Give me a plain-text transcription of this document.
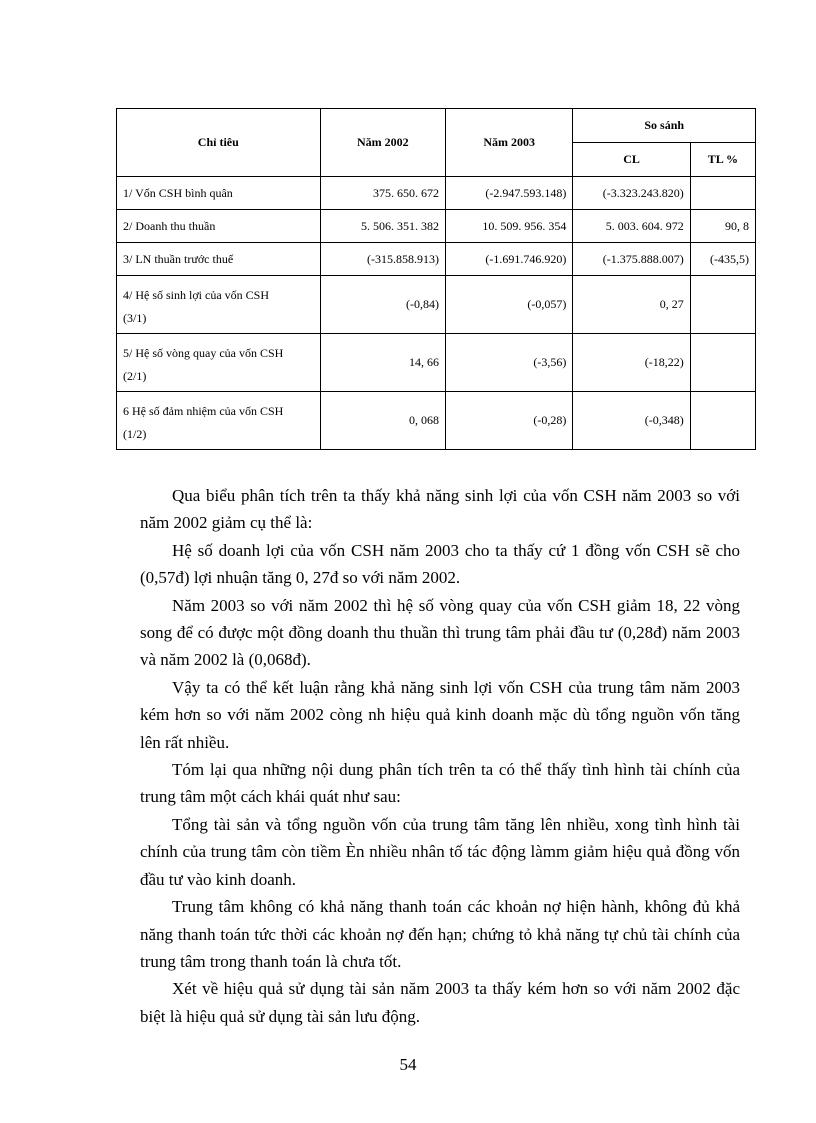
Chỉ tiêu	Năm 2002	Năm 2003	So sánh	
			CL	TL %
1/ Vốn CSH bình quân	375. 650. 672	(-2.947.593.148)	(-3.323.243.820)	
2/ Doanh thu thuần	5. 506. 351. 382	10. 509. 956. 354	5. 003. 604. 972	90, 8
3/ LN thuần trước thuế	(-315.858.913)	(-1.691.746.920)	(-1.375.888.007)	(-435,5)

4/ Hệ số sinh lợi của vốn CSH
(3/1)	(-0,84)	(-0,057)	0, 27	

5/ Hệ số vòng quay của vốn CSH
(2/1)	14, 66	(-3,56)	(-18,22)	

6 Hệ số đảm nhiệm của vốn CSH
(1/2)	0, 068	(-0,28)	(-0,348)	

Qua biểu phân tích trên ta thấy khả năng sinh lợi của vốn CSH năm 2003 so với năm 2002 giảm cụ thể là:

Hệ số doanh lợi của vốn CSH năm 2003 cho ta thấy cứ 1 đồng vốn CSH sẽ cho (0,57đ) lợi nhuận tăng 0, 27đ so với năm 2002.

Năm 2003 so với năm 2002 thì hệ số vòng quay của vốn CSH giảm 18, 22 vòng song để có được một đồng doanh thu thuần thì trung tâm phải đầu tư (0,28đ) năm 2003 và năm 2002 là (0,068đ).

Vậy ta có thể kết luận rằng khả năng sinh lợi vốn CSH của trung tâm năm 2003 kém hơn so với năm 2002 còng nh hiệu quả kinh doanh mặc dù tổng nguồn vốn tăng lên rất nhiều.

Tóm lại qua những nội dung phân tích trên ta có thể thấy tình hình tài chính của trung tâm một cách khái quát như sau:

Tổng tài sản và tổng nguồn vốn của trung tâm tăng lên nhiều, xong tình hình tài chính của trung tâm còn tiềm Èn nhiều nhân tố tác động làmm giảm hiệu quả đồng vốn đầu tư vào kinh doanh.

Trung tâm không có khả năng thanh toán các khoản nợ hiện hành, không đủ khả năng thanh toán tức thời các khoản nợ đến hạn; chứng tỏ khả năng tự chủ tài chính của trung tâm trong thanh toán là chưa tốt.

Xét về hiệu quả sử dụng tài sản năm 2003 ta thấy kém hơn so với năm 2002 đặc biệt là hiệu quả sử dụng tài sản lưu động.

54
